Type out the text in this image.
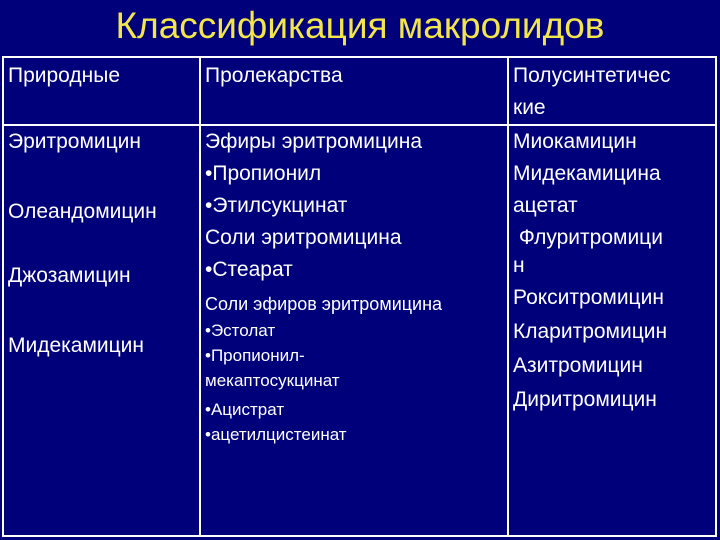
Классификация макролидов
Природные	Пролекарства	Полусинтетичес
кие
Эритромицин
Олеандомицин
Джозамицин
Мидекамицин
Эфиры эритромицина
•Пропионил
•Этилсукцинат
Соли эритромицина
•Стеарат
Соли эфиров эритромицина
•Эстолат
•Пропионил-
мекаптосукцинат
•Ацистрат
•ацетилцистеинат
Миокамицин
Мидекамицина
ацетат
Флуритромици
н
Рокситромицин
Кларитромицин
Азитромицин
Диритромицин
